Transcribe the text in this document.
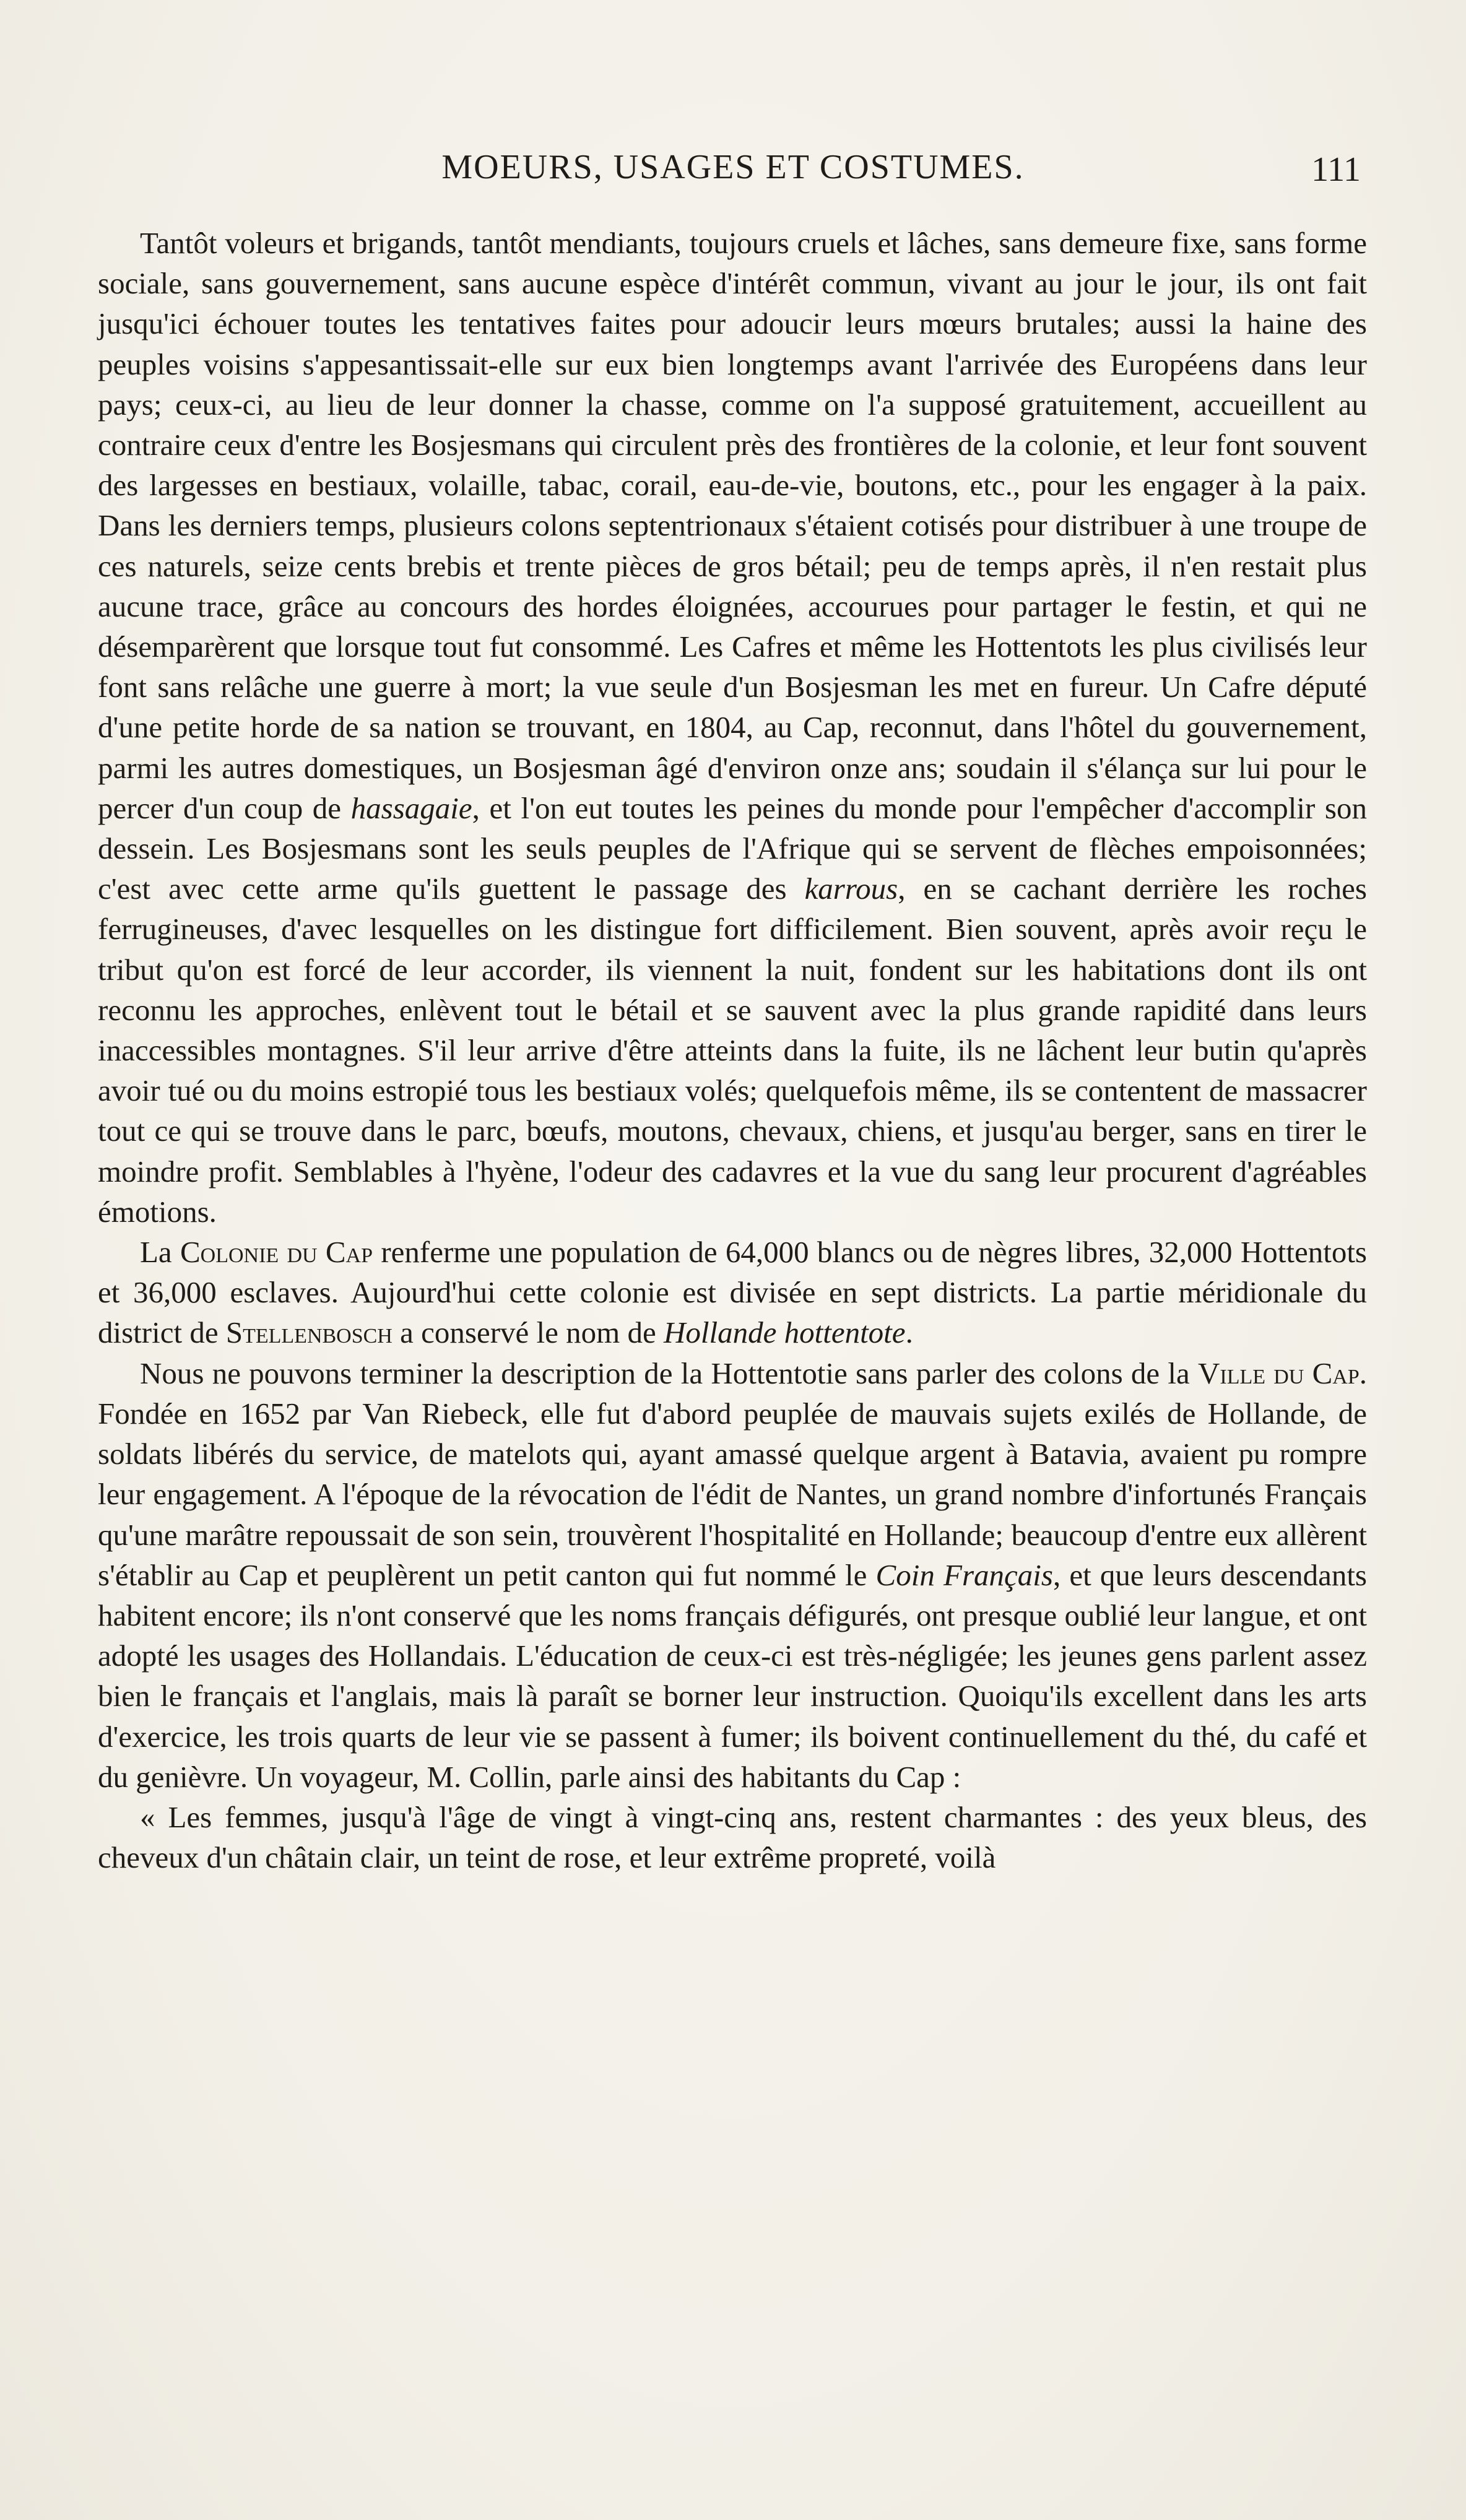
MOEURS, USAGES ET COSTUMES.	111

Tantôt voleurs et brigands, tantôt mendiants, toujours cruels et lâches, sans demeure fixe, sans forme sociale, sans gouvernement, sans aucune espèce d'intérêt commun, vivant au jour le jour, ils ont fait jusqu'ici échouer toutes les tentatives faites pour adoucir leurs mœurs brutales; aussi la haine des peuples voisins s'appesantissait-elle sur eux bien longtemps avant l'arrivée des Européens dans leur pays; ceux-ci, au lieu de leur donner la chasse, comme on l'a supposé gratuitement, accueillent au contraire ceux d'entre les Bosjesmans qui circulent près des frontières de la colonie, et leur font souvent des largesses en bestiaux, volaille, tabac, corail, eau-de-vie, boutons, etc., pour les engager à la paix. Dans les derniers temps, plusieurs colons septentrionaux s'étaient cotisés pour distribuer à une troupe de ces naturels, seize cents brebis et trente pièces de gros bétail; peu de temps après, il n'en restait plus aucune trace, grâce au concours des hordes éloignées, accourues pour partager le festin, et qui ne désemparèrent que lorsque tout fut consommé. Les Cafres et même les Hottentots les plus civilisés leur font sans relâche une guerre à mort; la vue seule d'un Bosjesman les met en fureur. Un Cafre député d'une petite horde de sa nation se trouvant, en 1804, au Cap, reconnut, dans l'hôtel du gouvernement, parmi les autres domestiques, un Bosjesman âgé d'environ onze ans; soudain il s'élança sur lui pour le percer d'un coup de hassagaie, et l'on eut toutes les peines du monde pour l'empêcher d'accomplir son dessein. Les Bosjesmans sont les seuls peuples de l'Afrique qui se servent de flèches empoisonnées; c'est avec cette arme qu'ils guettent le passage des karrous, en se cachant derrière les roches ferrugineuses, d'avec lesquelles on les distingue fort difficilement. Bien souvent, après avoir reçu le tribut qu'on est forcé de leur accorder, ils viennent la nuit, fondent sur les habitations dont ils ont reconnu les approches, enlèvent tout le bétail et se sauvent avec la plus grande rapidité dans leurs inaccessibles montagnes. S'il leur arrive d'être atteints dans la fuite, ils ne lâchent leur butin qu'après avoir tué ou du moins estropié tous les bestiaux volés; quelquefois même, ils se contentent de massacrer tout ce qui se trouve dans le parc, bœufs, moutons, chevaux, chiens, et jusqu'au berger, sans en tirer le moindre profit. Semblables à l'hyène, l'odeur des cadavres et la vue du sang leur procurent d'agréables émotions.

La Colonie du Cap renferme une population de 64,000 blancs ou de nègres libres, 32,000 Hottentots et 36,000 esclaves. Aujourd'hui cette colonie est divisée en sept districts. La partie méridionale du district de Stellenbosch a conservé le nom de Hollande hottentote.

Nous ne pouvons terminer la description de la Hottentotie sans parler des colons de la Ville du Cap. Fondée en 1652 par Van Riebeck, elle fut d'abord peuplée de mauvais sujets exilés de Hollande, de soldats libérés du service, de matelots qui, ayant amassé quelque argent à Batavia, avaient pu rompre leur engagement. A l'époque de la révocation de l'édit de Nantes, un grand nombre d'infortunés Français qu'une marâtre repoussait de son sein, trouvèrent l'hospitalité en Hollande; beaucoup d'entre eux allèrent s'établir au Cap et peuplèrent un petit canton qui fut nommé le Coin Français, et que leurs descendants habitent encore; ils n'ont conservé que les noms français défigurés, ont presque oublié leur langue, et ont adopté les usages des Hollandais. L'éducation de ceux-ci est très-négligée; les jeunes gens parlent assez bien le français et l'anglais, mais là paraît se borner leur instruction. Quoiqu'ils excellent dans les arts d'exercice, les trois quarts de leur vie se passent à fumer; ils boivent continuellement du thé, du café et du genièvre. Un voyageur, M. Collin, parle ainsi des habitants du Cap :

« Les femmes, jusqu'à l'âge de vingt à vingt-cinq ans, restent charmantes : des yeux bleus, des cheveux d'un châtain clair, un teint de rose, et leur extrême propreté, voilà
